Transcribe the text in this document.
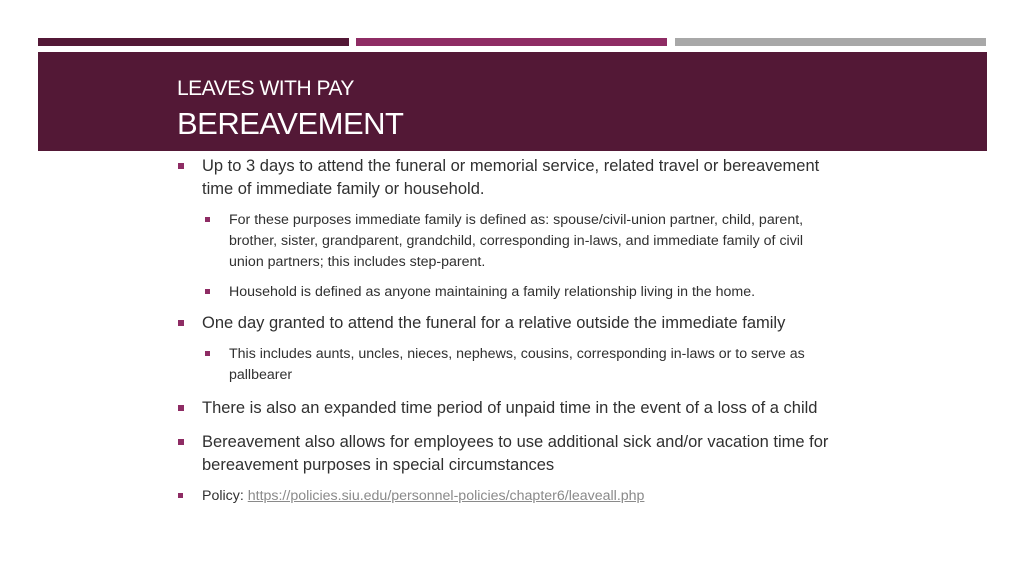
LEAVES WITH PAY
BEREAVEMENT
Up to 3 days to attend the funeral or memorial service, related travel or bereavement time of immediate family or household.
For these purposes immediate family is defined as: spouse/civil-union partner, child, parent, brother, sister, grandparent, grandchild, corresponding in-laws, and immediate family of civil union partners; this includes step-parent.
Household is defined as anyone maintaining a family relationship living in the home.
One day granted to attend the funeral for a relative outside the immediate family
This includes aunts, uncles, nieces, nephews, cousins, corresponding in-laws or to serve as pallbearer
There is also an expanded time period of unpaid time in the event of a loss of a child
Bereavement also allows for employees to use additional sick and/or vacation time for bereavement purposes in special circumstances
Policy: https://policies.siu.edu/personnel-policies/chapter6/leaveall.php
